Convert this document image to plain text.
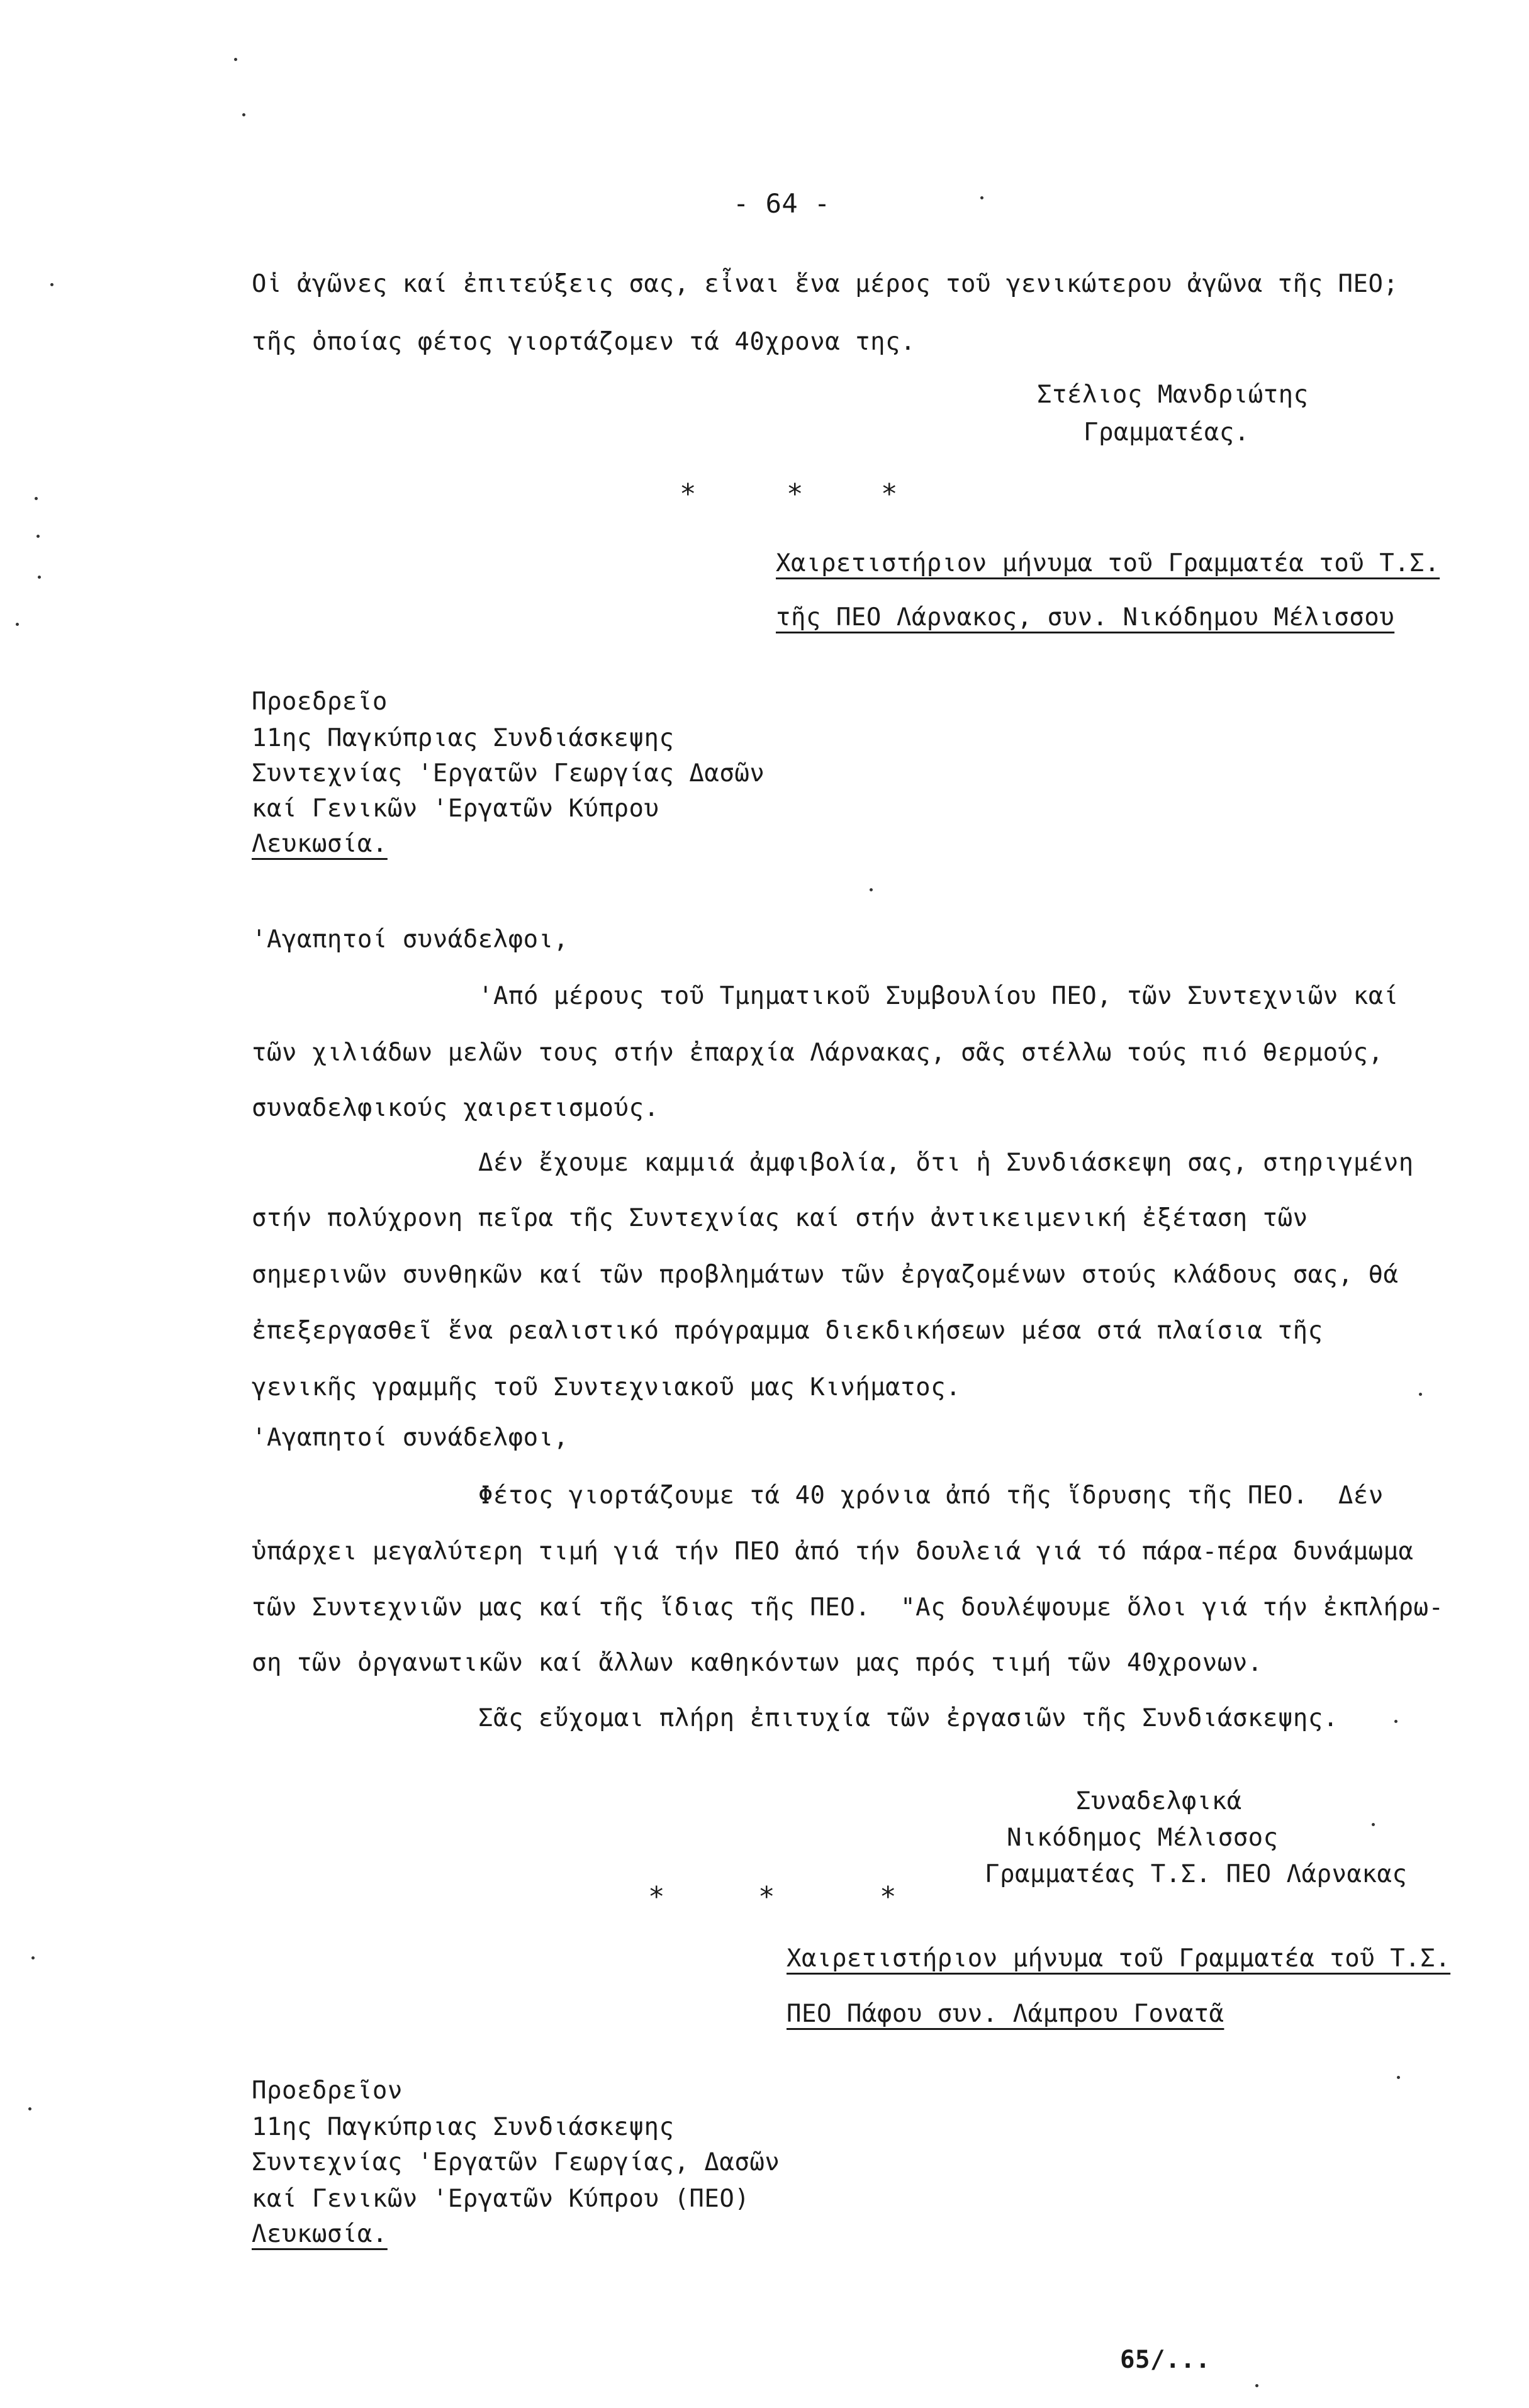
- 64 -
Οἱ ἀγῶνες καί ἐπιτεύξεις σας, εἶναι ἕνα μέρος τοῦ γενικώτερου ἀγῶνα τῆς ΠΕΟ;
τῆς ὁποίας φέτος γιορτάζομεν τά 40χρονα της.
Στέλιος Μανδριώτης
Γραμματέας.
*	*	*
Χαιρετιστήριον μήνυμα τοῦ Γραμματέα τοῦ Τ.Σ.
τῆς ΠΕΟ Λάρνακος, συν. Νικόδημου Μέλισσου
Προεδρεῖο
11ης Παγκύπριας Συνδιάσκεψης
Συντεχνίας 'Εργατῶν Γεωργίας Δασῶν
καί Γενικῶν 'Εργατῶν Κύπρου
Λευκωσία.
'Αγαπητοί συνάδελφοι,
'Από μέρους τοῦ Τμηματικοῦ Συμβουλίου ΠΕΟ, τῶν Συντεχνιῶν καί
τῶν χιλιάδων μελῶν τους στήν ἐπαρχία Λάρνακας, σᾶς στέλλω τούς πιό θερμούς,
συναδελφικούς χαιρετισμούς.
Δέν ἔχουμε καμμιά ἀμφιβολία, ὅτι ἡ Συνδιάσκεψη σας, στηριγμένη
στήν πολύχρονη πεῖρα τῆς Συντεχνίας καί στήν ἀντικειμενική ἐξέταση τῶν
σημερινῶν συνθηκῶν καί τῶν προβλημάτων τῶν ἐργαζομένων στούς κλάδους σας, θά
ἐπεξεργασθεῖ ἕνα ρεαλιστικό πρόγραμμα διεκδικήσεων μέσα στά πλαίσια τῆς
γενικῆς γραμμῆς τοῦ Συντεχνιακοῦ μας Κινήματος.
'Αγαπητοί συνάδελφοι,
Φέτος γιορτάζουμε τά 40 χρόνια ἀπό τῆς ἵδρυσης τῆς ΠΕΟ.  Δέν
ὑπάρχει μεγαλύτερη τιμή γιά τήν ΠΕΟ ἀπό τήν δουλειά γιά τό πάρα-πέρα δυνάμωμα
τῶν Συντεχνιῶν μας καί τῆς ἴδιας τῆς ΠΕΟ.  "Ας δουλέψουμε ὅλοι γιά τήν ἐκπλήρω-
ση τῶν ὀργανωτικῶν καί ἄλλων καθηκόντων μας πρός τιμή τῶν 40χρονων.
Σᾶς εὔχομαι πλήρη ἐπιτυχία τῶν ἐργασιῶν τῆς Συνδιάσκεψης.
Συναδελφικά
Νικόδημος Μέλισσος
Γραμματέας Τ.Σ. ΠΕΟ Λάρνακας
*	*	*
Χαιρετιστήριον μήνυμα τοῦ Γραμματέα τοῦ Τ.Σ.
ΠΕΟ Πάφου συν. Λάμπρου Γονατᾶ
Προεδρεῖον
11ης Παγκύπριας Συνδιάσκεψης
Συντεχνίας 'Εργατῶν Γεωργίας, Δασῶν
καί Γενικῶν 'Εργατῶν Κύπρου (ΠΕΟ)
Λευκωσία.
65/...
